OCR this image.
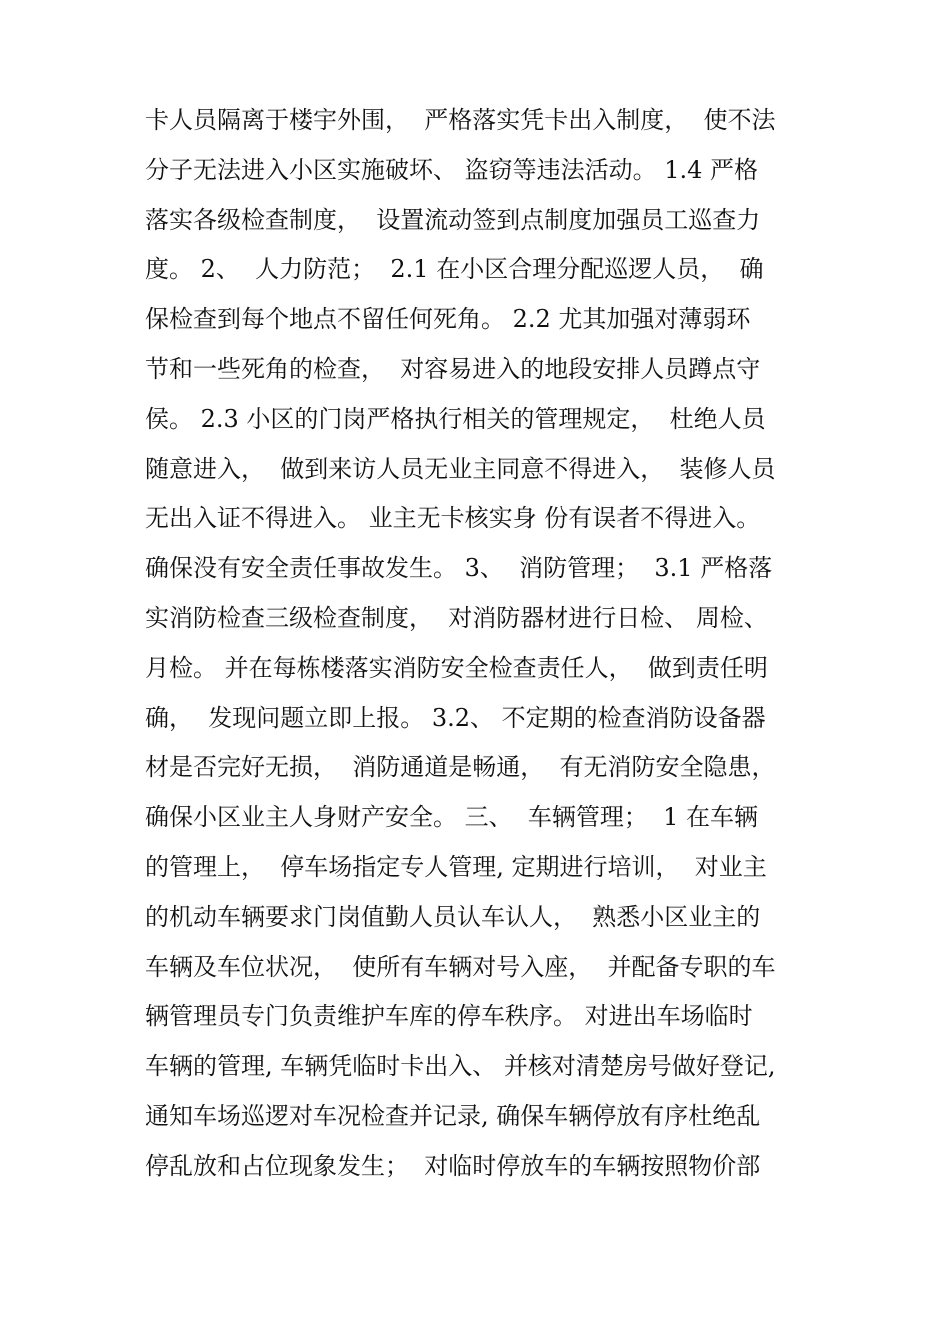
卡人员隔离于楼宇外围，  严格落实凭卡出入制度，  使不法
分子无法进入小区实施破坏、 盗窃等违法活动。 1.4 严格
落实各级检查制度，  设置流动签到点制度加强员工巡查力
度。 2、  人力防范；  2.1 在小区合理分配巡逻人员，  确
保检查到每个地点不留任何死角。 2.2 尤其加强对薄弱环
节和一些死角的检查，  对容易进入的地段安排人员蹲点守
侯。 2.3 小区的门岗严格执行相关的管理规定，  杜绝人员
随意进入，  做到来访人员无业主同意不得进入，  装修人员
无出入证不得进入。 业主无卡核实身 份有误者不得进入。
确保没有安全责任事故发生。 3、  消防管理；  3.1 严格落
实消防检查三级检查制度，  对消防器材进行日检、 周检、
月检。 并在每栋楼落实消防安全检查责任人，  做到责任明
确，  发现问题立即上报。 3.2、 不定期的检查消防设备器
材是否完好无损，  消防通道是畅通，  有无消防安全隐患，
确保小区业主人身财产安全。 三、  车辆管理；  1 在车辆
的管理上，  停车场指定专人管理, 定期进行培训，  对业主
的机动车辆要求门岗值勤人员认车认人，  熟悉小区业主的
车辆及车位状况，  使所有车辆对号入座，  并配备专职的车
辆管理员专门负责维护车库的停车秩序。 对进出车场临时
车辆的管理, 车辆凭临时卡出入、 并核对清楚房号做好登记,
通知车场巡逻对车况检查并记录, 确保车辆停放有序杜绝乱
停乱放和占位现象发生；  对临时停放车的车辆按照物价部
